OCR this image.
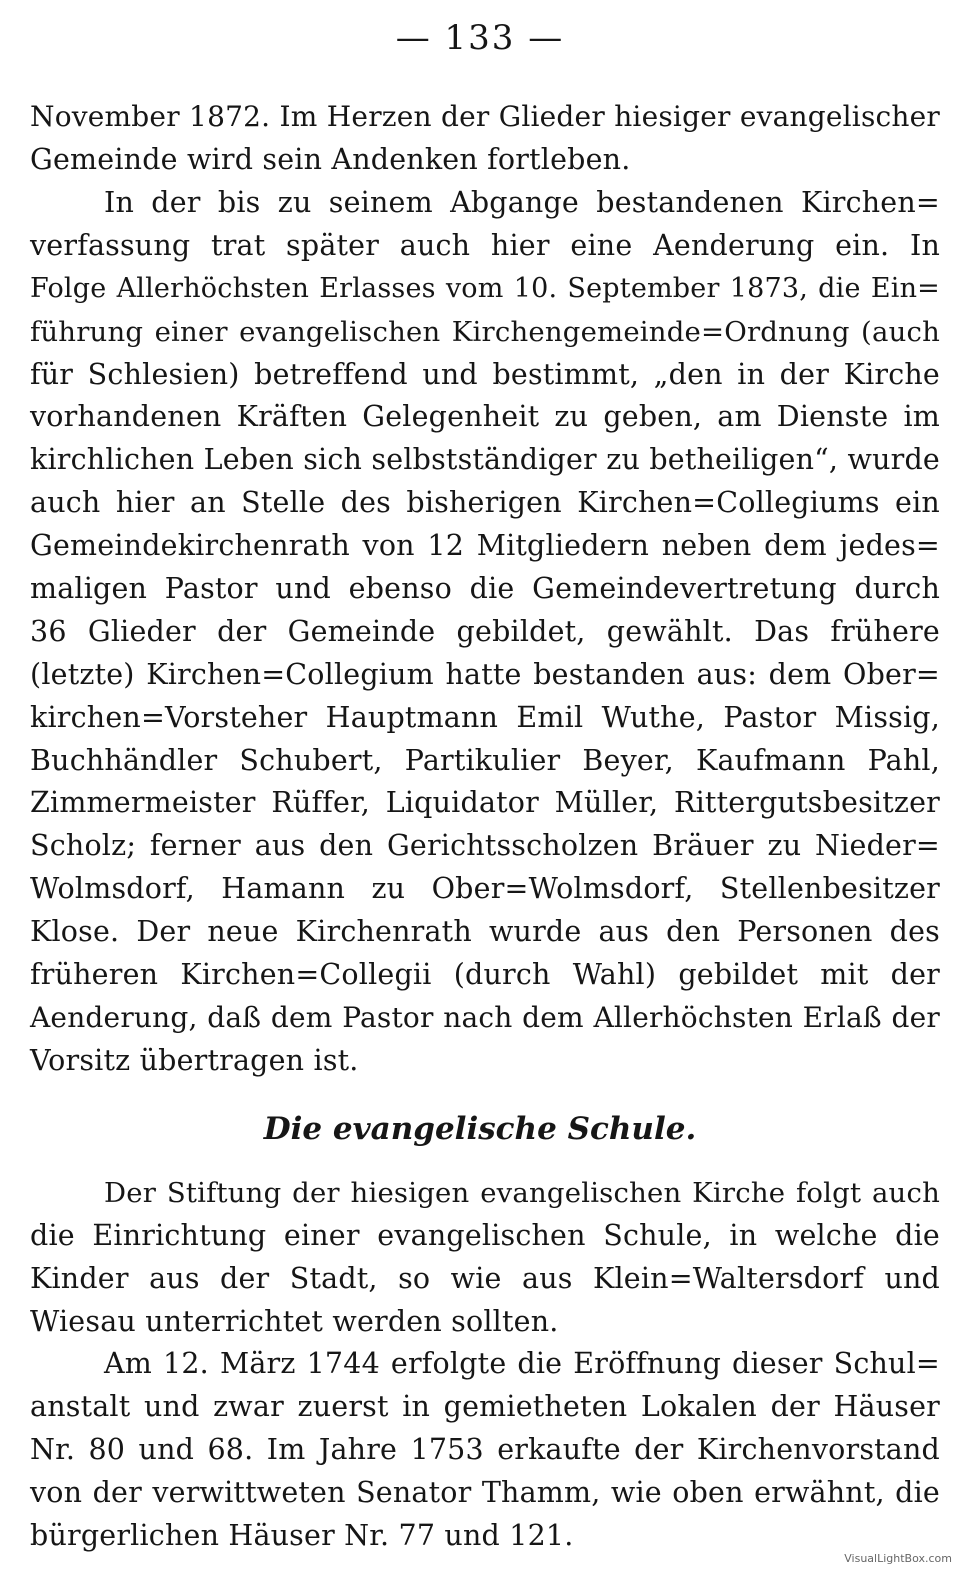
— 133 —
November 1872. Im Herzen der Glieder hiesiger evangelischer
Gemeinde wird sein Andenken fortleben.
In der bis zu seinem Abgange bestandenen Kirchen=
verfassung trat später auch hier eine Aenderung ein. In
Folge Allerhöchsten Erlasses vom 10. September 1873, die Ein=
führung einer evangelischen Kirchengemeinde=Ordnung (auch
für Schlesien) betreffend und bestimmt, „den in der Kirche
vorhandenen Kräften Gelegenheit zu geben, am Dienste im
kirchlichen Leben sich selbstständiger zu betheiligen“, wurde
auch hier an Stelle des bisherigen Kirchen=Collegiums ein
Gemeindekirchenrath von 12 Mitgliedern neben dem jedes=
maligen Pastor und ebenso die Gemeindevertretung durch
36 Glieder der Gemeinde gebildet, gewählt. Das frühere
(letzte) Kirchen=Collegium hatte bestanden aus: dem Ober=
kirchen=Vorsteher Hauptmann Emil Wuthe, Pastor Missig,
Buchhändler Schubert, Partikulier Beyer, Kaufmann Pahl,
Zimmermeister Rüffer, Liquidator Müller, Rittergutsbesitzer
Scholz; ferner aus den Gerichtsscholzen Bräuer zu Nieder=
Wolmsdorf, Hamann zu Ober=Wolmsdorf, Stellenbesitzer
Klose. Der neue Kirchenrath wurde aus den Personen des
früheren Kirchen=Collegii (durch Wahl) gebildet mit der
Aenderung, daß dem Pastor nach dem Allerhöchsten Erlaß der
Vorsitz übertragen ist.
Die evangelische Schule.
Der Stiftung der hiesigen evangelischen Kirche folgt auch
die Einrichtung einer evangelischen Schule, in welche die
Kinder aus der Stadt, so wie aus Klein=Waltersdorf und
Wiesau unterrichtet werden sollten.
Am 12. März 1744 erfolgte die Eröffnung dieser Schul=
anstalt und zwar zuerst in gemietheten Lokalen der Häuser
Nr. 80 und 68. Im Jahre 1753 erkaufte der Kirchenvorstand
von der verwittweten Senator Thamm, wie oben erwähnt, die
bürgerlichen Häuser Nr. 77 und 121.
VisualLightBox.com
